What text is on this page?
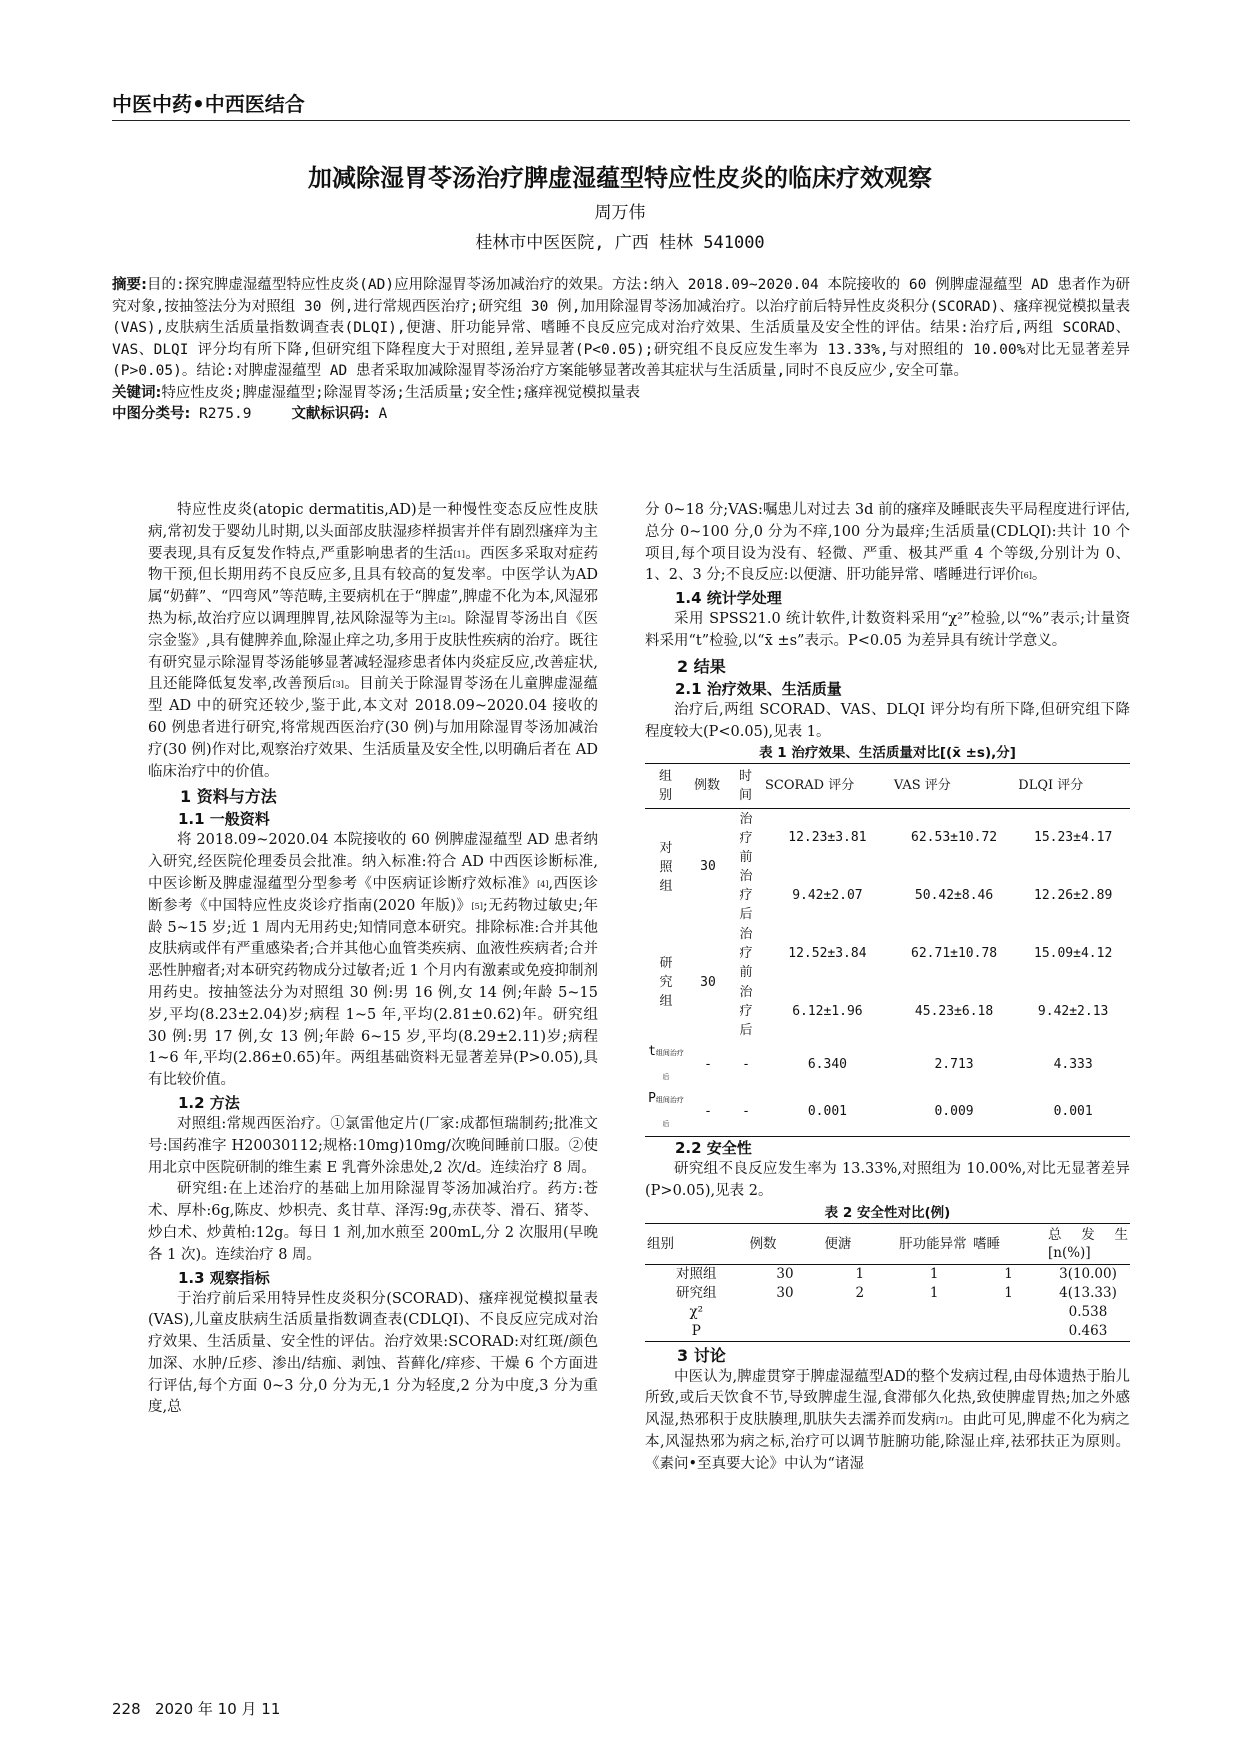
中医中药•中西医结合
加减除湿胃苓汤治疗脾虚湿蕴型特应性皮炎的临床疗效观察
周万伟
桂林市中医医院, 广西 桂林 541000

摘要:目的:探究脾虚湿蕴型特应性皮炎(AD)应用除湿胃苓汤加减治疗的效果。方法:纳入 2018.09~2020.04 本院接收的 60 例脾虚湿蕴型 AD 患者作为研究对象,按抽签法分为对照组 30 例,进行常规西医治疗;研究组 30 例,加用除湿胃苓汤加减治疗。以治疗前后特异性皮炎积分(SCORAD)、瘙痒视觉模拟量表(VAS),皮肤病生活质量指数调查表(DLQI),便溏、肝功能异常、嗜睡不良反应完成对治疗效果、生活质量及安全性的评估。结果:治疗后,两组 SCORAD、VAS、DLQI 评分均有所下降,但研究组下降程度大于对照组,差异显著(P<0.05);研究组不良反应发生率为 13.33%,与对照组的 10.00%对比无显著差异(P>0.05)。结论:对脾虚湿蕴型 AD 患者采取加减除湿胃苓汤治疗方案能够显著改善其症状与生活质量,同时不良反应少,安全可靠。

关键词:特应性皮炎;脾虚湿蕴型;除湿胃苓汤;生活质量;安全性;瘙痒视觉模拟量表

中图分类号: R275.9	文献标识码: A

特应性皮炎(atopic dermatitis,AD)是一种慢性变态反应性皮肤病,常初发于婴幼儿时期,以头面部皮肤湿疹样损害并伴有剧烈瘙痒为主要表现,具有反复发作特点,严重影响患者的生活[1]。西医多采取对症药物干预,但长期用药不良反应多,且具有较高的复发率。中医学认为AD属“奶藓”、“四弯风”等范畴,主要病机在于“脾虚”,脾虚不化为本,风湿邪热为标,故治疗应以调理脾胃,祛风除湿等为主[2]。除湿胃苓汤出自《医宗金鉴》,具有健脾养血,除湿止痒之功,多用于皮肤性疾病的治疗。既往有研究显示除湿胃苓汤能够显著减轻湿疹患者体内炎症反应,改善症状,且还能降低复发率,改善预后[3]。目前关于除湿胃苓汤在儿童脾虚湿蕴型 AD 中的研究还较少,鉴于此,本文对 2018.09~2020.04 接收的 60 例患者进行研究,将常规西医治疗(30 例)与加用除湿胃苓汤加减治疗(30 例)作对比,观察治疗效果、生活质量及安全性,以明确后者在 AD 临床治疗中的价值。

1 资料与方法
1.1 一般资料

将 2018.09~2020.04 本院接收的 60 例脾虚湿蕴型 AD 患者纳入研究,经医院伦理委员会批准。纳入标准:符合 AD 中西医诊断标准,中医诊断及脾虚湿蕴型分型参考《中医病证诊断疗效标准》[4],西医诊断参考《中国特应性皮炎诊疗指南(2020 年版)》[5];无药物过敏史;年龄 5~15 岁;近 1 周内无用药史;知情同意本研究。排除标准:合并其他皮肤病或伴有严重感染者;合并其他心血管类疾病、血液性疾病者;合并恶性肿瘤者;对本研究药物成分过敏者;近 1 个月内有激素或免疫抑制剂用药史。按抽签法分为对照组 30 例:男 16 例,女 14 例;年龄 5~15 岁,平均(8.23±2.04)岁;病程 1~5 年,平均(2.81±0.62)年。研究组 30 例:男 17 例,女 13 例;年龄 6~15 岁,平均(8.29±2.11)岁;病程 1~6 年,平均(2.86±0.65)年。两组基础资料无显著差异(P>0.05),具有比较价值。

1.2 方法

对照组:常规西医治疗。①氯雷他定片(厂家:成都恒瑞制药;批准文号:国药准字 H20030112;规格:10mg)10mg/次晚间睡前口服。②使用北京中医院研制的维生素 E 乳膏外涂患处,2 次/d。连续治疗 8 周。

研究组:在上述治疗的基础上加用除湿胃苓汤加减治疗。药方:苍术、厚朴:6g,陈皮、炒枳壳、炙甘草、泽泻:9g,赤茯苓、滑石、猪苓、炒白术、炒黄柏:12g。每日 1 剂,加水煎至 200mL,分 2 次服用(早晚各 1 次)。连续治疗 8 周。

1.3 观察指标

于治疗前后采用特异性皮炎积分(SCORAD)、瘙痒视觉模拟量表(VAS),儿童皮肤病生活质量指数调查表(CDLQI)、不良反应完成对治疗效果、生活质量、安全性的评估。治疗效果:SCORAD:对红斑/颜色加深、水肿/丘疹、渗出/结痂、剥蚀、苔藓化/痒疹、干燥 6 个方面进行评估,每个方面 0~3 分,0 分为无,1 分为轻度,2 分为中度,3 分为重度,总

分 0~18 分;VAS:嘱患儿对过去 3d 前的瘙痒及睡眠丧失平局程度进行评估,总分 0~100 分,0 分为不痒,100 分为最痒;生活质量(CDLQI):共计 10 个项目,每个项目设为没有、轻微、严重、极其严重 4 个等级,分别计为 0、1、2、3 分;不良反应:以便溏、肝功能异常、嗜睡进行评价[6]。

1.4 统计学处理

采用 SPSS21.0 统计软件,计数资料采用“χ²”检验,以“%”表示;计量资料采用“t”检验,以“x̄ ±s”表示。P<0.05 为差异具有统计学意义。

2 结果
2.1 治疗效果、生活质量

治疗后,两组 SCORAD、VAS、DLQI 评分均有所下降,但研究组下降程度较大(P<0.05),见表 1。

表 1 治疗效果、生活质量对比[(x̄ ±s),分]
组别	例数	时间	SCORAD 评分	VAS 评分	DLQI 评分

对照组	30	治疗前	12.23±3.81	62.53±10.72	15.23±4.17

		治疗后	9.42±2.07	50.42±8.46	12.26±2.89

研究组	30	治疗前	12.52±3.84	62.71±10.78	15.09±4.12

		治疗后	6.12±1.96	45.23±6.18	9.42±2.13
t组间治疗后	-	-	6.340	2.713	4.333
P组间治疗后	-	-	0.001	0.009	0.001
2.2 安全性

研究组不良反应发生率为 13.33%,对照组为 10.00%,对比无显著差异(P>0.05),见表 2。

表 2 安全性对比(例)
组别	例数	便溏	肝功能异常	嗜睡	总发生[n(%)]
对照组	30	1	1	1	3(10.00)
研究组	30	2	1	1	4(13.33)
χ²					0.538
P					0.463
3 讨论

中医认为,脾虚贯穿于脾虚湿蕴型AD的整个发病过程,由母体遗热于胎儿所致,或后天饮食不节,导致脾虚生湿,食滞郁久化热,致使脾虚胃热;加之外感风湿,热邪积于皮肤腠理,肌肤失去濡养而发病[7]。由此可见,脾虚不化为病之本,风湿热邪为病之标,治疗可以调节脏腑功能,除湿止痒,祛邪扶正为原则。《素问•至真要大论》中认为“诸湿

228 2020 年 10 月 11
